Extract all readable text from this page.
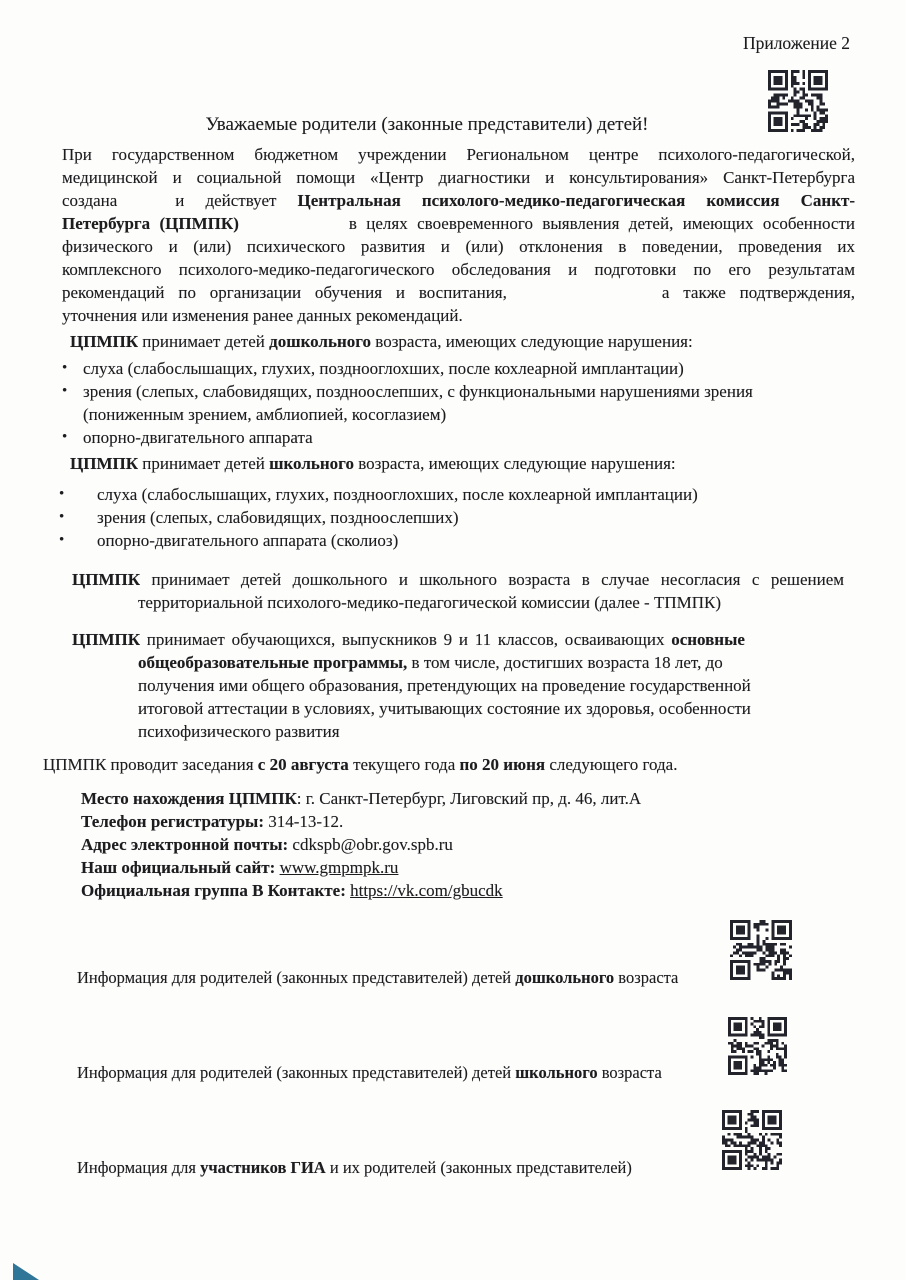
Приложение 2
Уважаемые родители (законные представители) детей!
При государственном бюджетном учреждении Региональном центре психолого-педагогической,
медицинской и социальной помощи «Центр диагностики и консультирования» Санкт-Петербурга
создана	и действует Центральная психолого-медико-педагогическая комиссия Санкт-
Петербурга (ЦПМПК)	в целях своевременного выявления детей, имеющих особенности
физического и (или) психического развития и (или) отклонения в поведении, проведения их
комплексного психолого-медико-педагогического обследования и подготовки по его результатам
рекомендаций по организации обучения и воспитания,	а также подтверждения,
уточнения или изменения ранее данных рекомендаций.
ЦПМПК принимает детей дошкольного возраста, имеющих следующие нарушения:
• слуха (слабослышащих, глухих, позднооглохших, после кохлеарной имплантации)
• зрения (слепых, слабовидящих, поздноослепших, с функциональными нарушениями зрения
(пониженным зрением, амблиопией, косоглазием)
• опорно-двигательного аппарата
ЦПМПК принимает детей школьного возраста, имеющих следующие нарушения:
• слуха (слабослышащих, глухих, позднооглохших, после кохлеарной имплантации)
• зрения (слепых, слабовидящих, поздноослепших)
• опорно-двигательного аппарата (сколиоз)
ЦПМПК принимает детей дошкольного и школьного возраста в случае несогласия с решением
территориальной психолого-медико-педагогической комиссии (далее - ТПМПК)
ЦПМПК принимает обучающихся, выпускников 9 и 11 классов, осваивающих основные
общеобразовательные программы, в том числе, достигших возраста 18 лет, до
получения ими общего образования, претендующих на проведение государственной
итоговой аттестации в условиях, учитывающих состояние их здоровья, особенности
психофизического развития
ЦПМПК проводит заседания с 20 августа текущего года по 20 июня следующего года.
Место нахождения ЦПМПК: г. Санкт-Петербург, Лиговский пр, д. 46, лит.А
Телефон регистратуры: 314-13-12.
Адрес электронной почты: cdkspb@obr.gov.spb.ru
Наш официальный сайт: www.gmpmpk.ru
Официальная группа В Контакте: https://vk.com/gbucdk
Информация для родителей (законных представителей) детей дошкольного возраста
Информация для родителей (законных представителей) детей школьного возраста
Информация для участников ГИА и их родителей (законных представителей)
